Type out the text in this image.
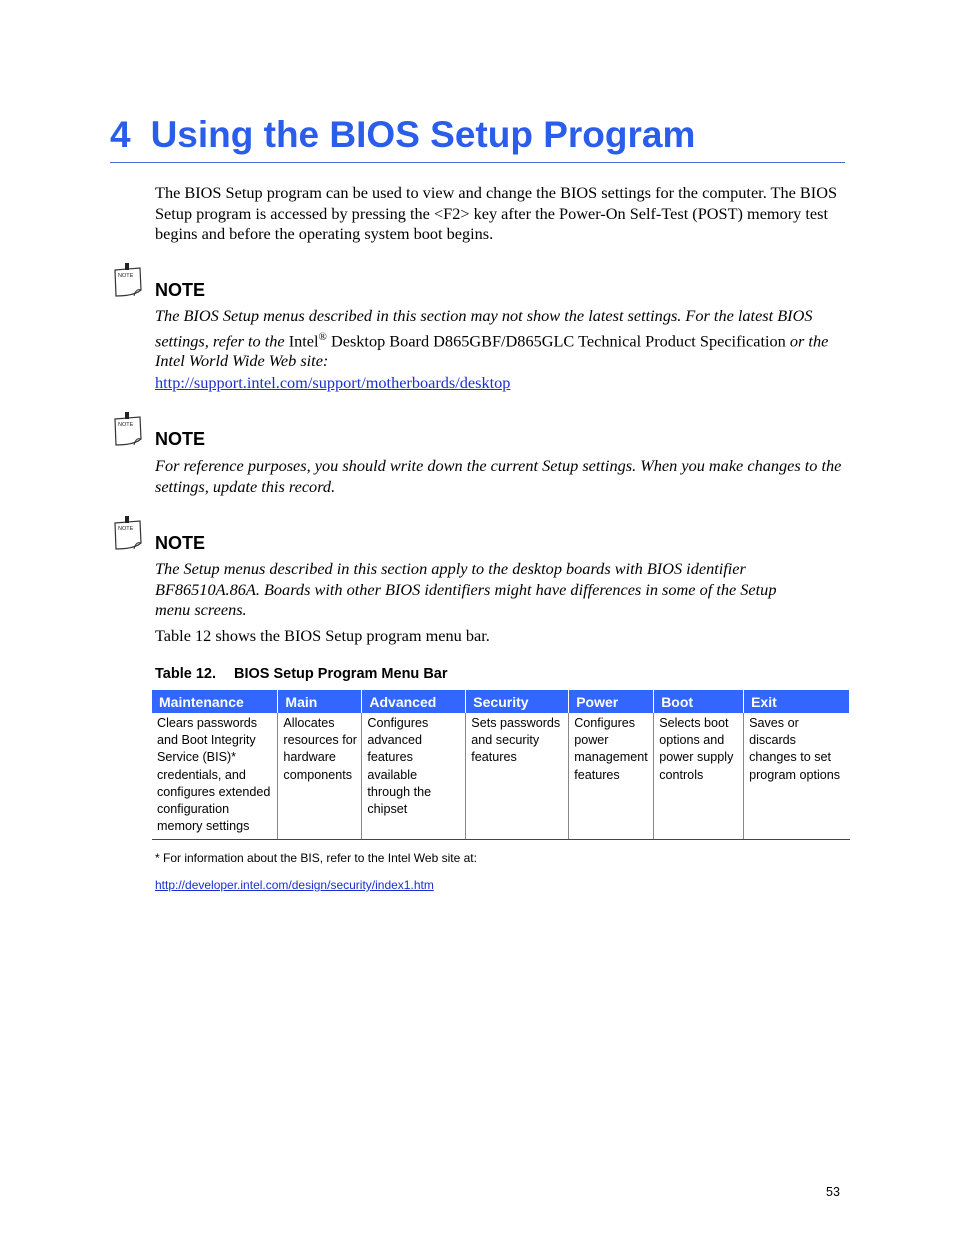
4 Using the BIOS Setup Program

The BIOS Setup program can be used to view and change the BIOS settings for the computer. The BIOS Setup program is accessed by pressing the <F2> key after the Power-On Self-Test (POST) memory test begins and before the operating system boot begins.

NOTE
NOTE

The BIOS Setup menus described in this section may not show the latest settings. For the latest BIOS settings, refer to the Intel® Desktop Board D865GBF/D865GLC Technical Product Specification or the Intel World Wide Web site:

http://support.intel.com/support/motherboards/desktop
NOTE
NOTE

For reference purposes, you should write down the current Setup settings. When you make changes to the settings, update this record.

NOTE
NOTE

The Setup menus described in this section apply to the desktop boards with BIOS identifier BF86510A.86A. Boards with other BIOS identifiers might have differences in some of the Setup menu screens.

Table 12 shows the BIOS Setup program menu bar.

Table 12. BIOS Setup Program Menu Bar
Maintenance	Main	Advanced	Security	Power	Boot	Exit
Clears passwords and Boot Integrity Service (BIS)* credentials, and configures extended configuration memory settings	Allocates resources for hardware components	Configures advanced features available through the chipset	Sets passwords and security features	Configures power management features	Selects boot options and power supply controls	Saves or discards changes to set program options
* For information about the BIS, refer to the Intel Web site at:
http://developer.intel.com/design/security/index1.htm
53
